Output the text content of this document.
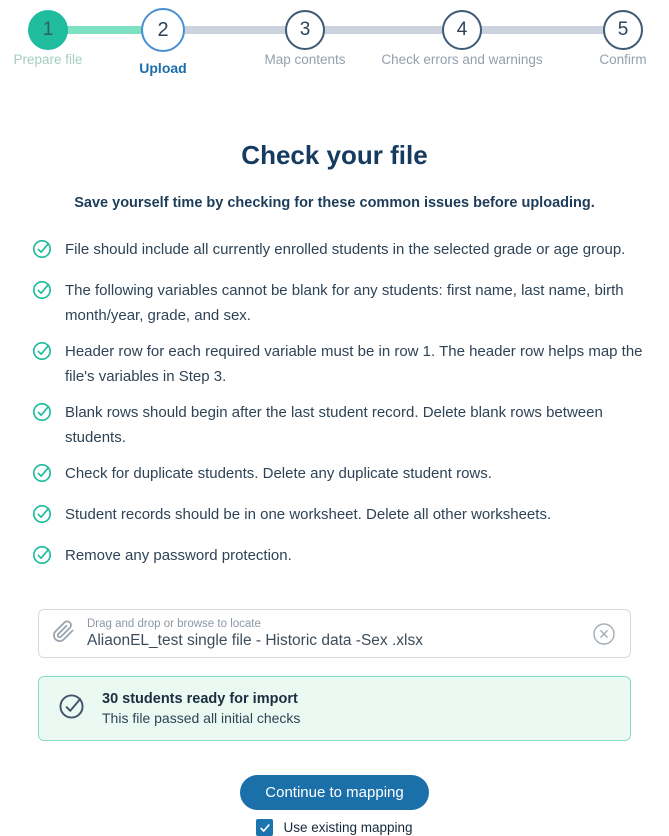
1	2	3	4	5
Prepare file
Upload
Map contents	Check errors and warnings	Confirm
Check your file

Save yourself time by checking for these common issues before uploading.

File should include all currently enrolled students in the selected grade or age group.
The following variables cannot be blank for any students: first name, last name, birth month/year, grade, and sex.
Header row for each required variable must be in row 1. The header row helps map the file's variables in Step 3.
Blank rows should begin after the last student record. Delete blank rows between students.
Check for duplicate students. Delete any duplicate student rows.
Student records should be in one worksheet. Delete all other worksheets.
Remove any password protection.
Drag and drop or browse to locate
AliaonEL_test single file - Historic data -Sex .xlsx
30 students ready for import
This file passed all initial checks
Continue to mapping
Use existing mapping
